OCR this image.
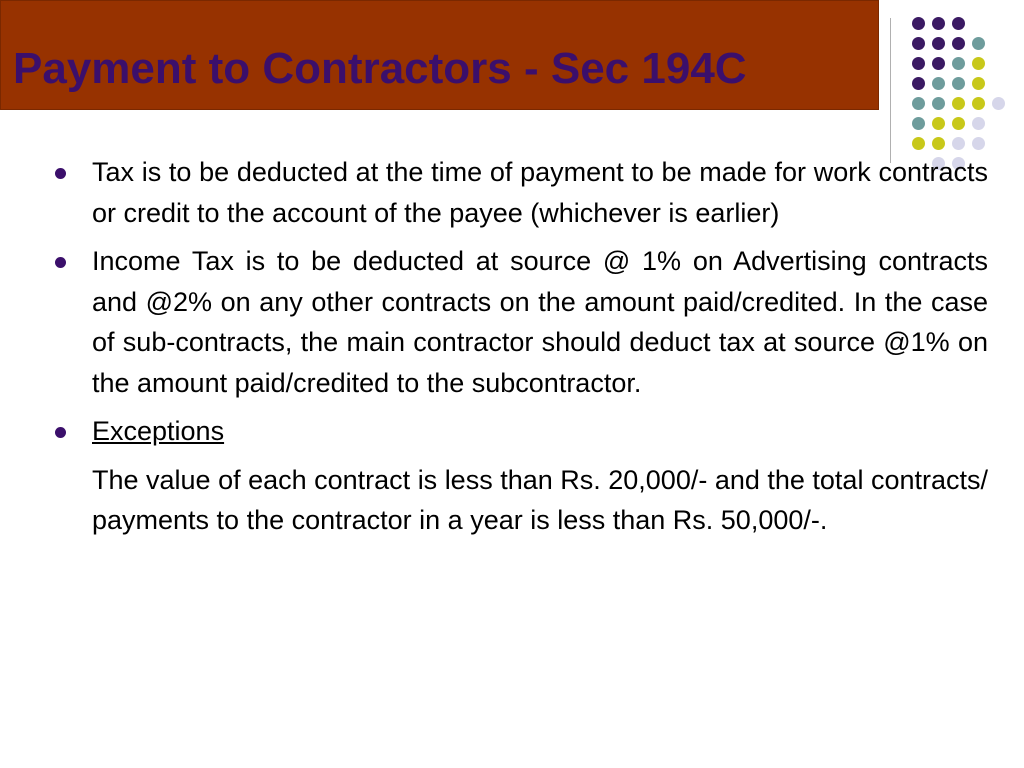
Payment to Contractors - Sec 194C
Tax is to be deducted at the time of payment to be made for work contracts or credit to the account of the payee (whichever is earlier)
Income Tax is to be deducted at source @ 1% on Advertising contracts and @2% on any other contracts on the amount paid/credited. In the case of sub-contracts, the main contractor should deduct tax at source @1% on the amount paid/credited to the subcontractor.
Exceptions
The value of each contract is less than Rs. 20,000/- and the total contracts/ payments to the contractor in a year is less than Rs. 50,000/-.
